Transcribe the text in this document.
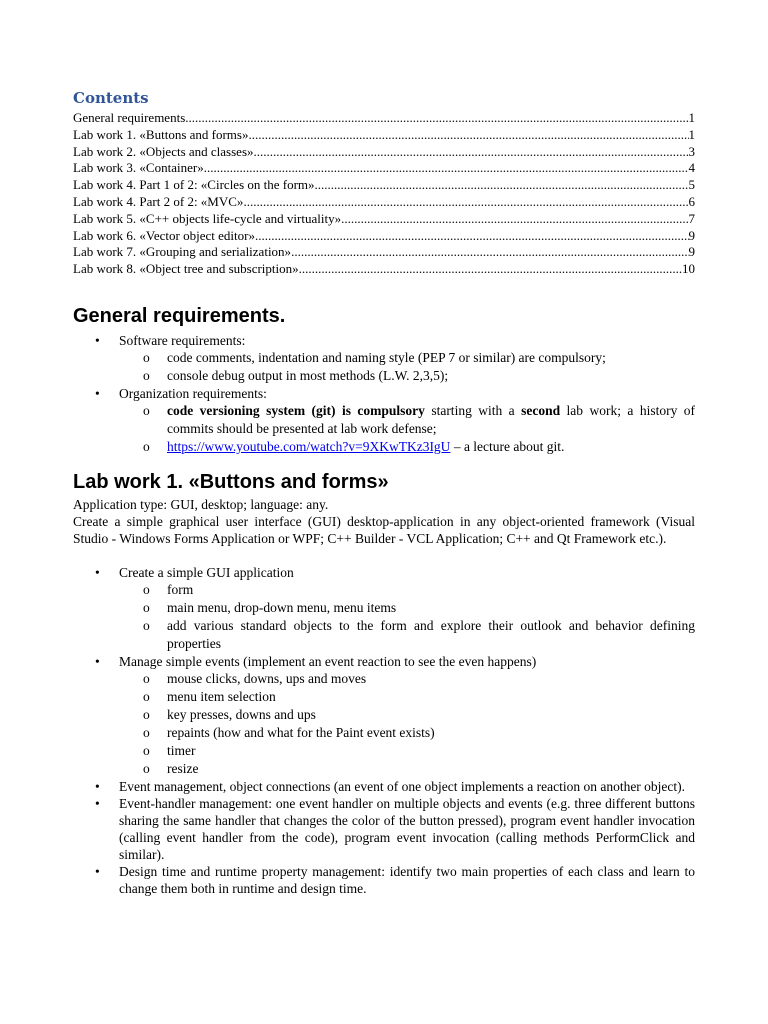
Contents
General requirements .....	1
Lab work 1. «Buttons and forms» .....	1
Lab work 2. «Objects and classes» .....	3
Lab work 3. «Container» .....	4
Lab work 4. Part 1 of 2: «Circles on the form» .....	5
Lab work 4. Part 2 of 2: «MVC» .....	6
Lab work 5. «C++ objects life-cycle and virtuality» .....	7
Lab work 6. «Vector object editor» .....	9
Lab work 7. «Grouping and serialization» .....	9
Lab work 8. «Object tree and subscription» .....	10
General requirements.
• Software requirements:
o code comments, indentation and naming style (PEP 7 or similar) are compulsory;
o console debug output in most methods (L.W. 2,3,5);
• Organization requirements:
o code versioning system (git) is compulsory starting with a second lab work; a history of commits should be presented at lab work defense;
o https://www.youtube.com/watch?v=9XKwTKz3IgU – a lecture about git.
Lab work 1. «Buttons and forms»

Application type: GUI, desktop; language: any.

Create a simple graphical user interface (GUI) desktop-application in any object-oriented framework (Visual Studio - Windows Forms Application or WPF; C++ Builder - VCL Application; C++ and Qt Framework etc.).

• Create a simple GUI application
o form
o main menu, drop-down menu, menu items
o add various standard objects to the form and explore their outlook and behavior defining properties
• Manage simple events (implement an event reaction to see the even happens)
o mouse clicks, downs, ups and moves
o menu item selection
o key presses, downs and ups
o repaints (how and what for the Paint event exists)
o timer
o resize
• Event management, object connections (an event of one object implements a reaction on another object).
• Event-handler management: one event handler on multiple objects and events (e.g. three different buttons sharing the same handler that changes the color of the button pressed), program event handler invocation (calling event handler from the code), program event invocation (calling methods PerformClick and similar).
• Design time and runtime property management: identify two main properties of each class and learn to change them both in runtime and design time.
